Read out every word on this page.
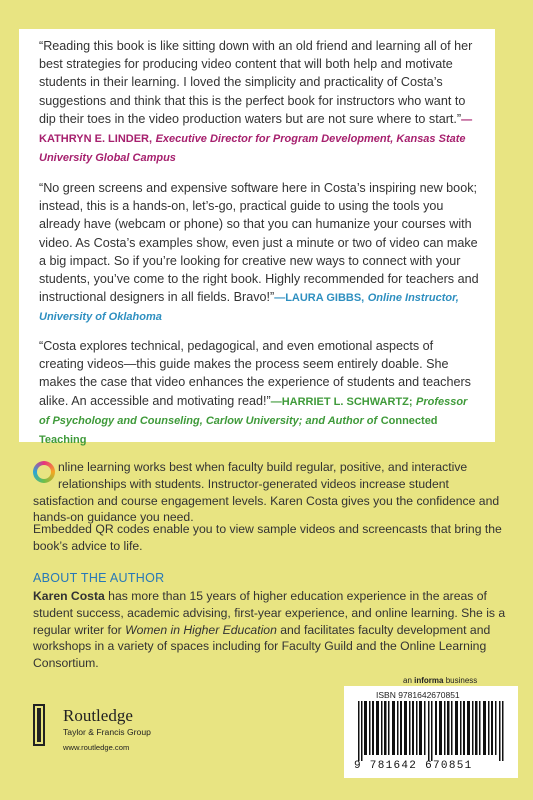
“Reading this book is like sitting down with an old friend and learning all of her best strategies for producing video content that will both help and motivate students in their learning. I loved the simplicity and practicality of Costa’s suggestions and think that this is the perfect book for instructors who want to dip their toes in the video production waters but are not sure where to start.”—KATHRYN E. LINDER, Executive Director for Program Development, Kansas State University Global Campus
“No green screens and expensive software here in Costa’s inspiring new book; instead, this is a hands-on, let’s-go, practical guide to using the tools you already have (webcam or phone) so that you can humanize your courses with video. As Costa’s examples show, even just a minute or two of video can make a big impact. So if you’re looking for creative new ways to connect with your students, you’ve come to the right book. Highly recommended for teachers and instructional designers in all fields. Bravo!”—LAURA GIBBS, Online Instructor, University of Oklahoma
“Costa explores technical, pedagogical, and even emotional aspects of creating videos—this guide makes the process seem entirely doable. She makes the case that video enhances the experience of students and teachers alike. An accessible and motivating read!”—HARRIET L. SCHWARTZ; Professor of Psychology and Counseling, Carlow University; and Author of Connected Teaching
nline learning works best when faculty build regular, positive, and interactive relationships with students. Instructor-generated videos increase student satisfaction and course engagement levels. Karen Costa gives you the confidence and hands-on guidance you need.
Embedded QR codes enable you to view sample videos and screencasts that bring the book’s advice to life.
ABOUT THE AUTHOR
Karen Costa has more than 15 years of higher education experience in the areas of student success, academic advising, first-year experience, and online learning. She is a regular writer for Women in Higher Education and facilitates faculty development and workshops in a variety of spaces including for Faculty Guild and the Online Learning Consortium.
an informa business
ISBN 9781642670851
9 781642 670851
Routledge
Taylor & Francis Group
www.routledge.com
